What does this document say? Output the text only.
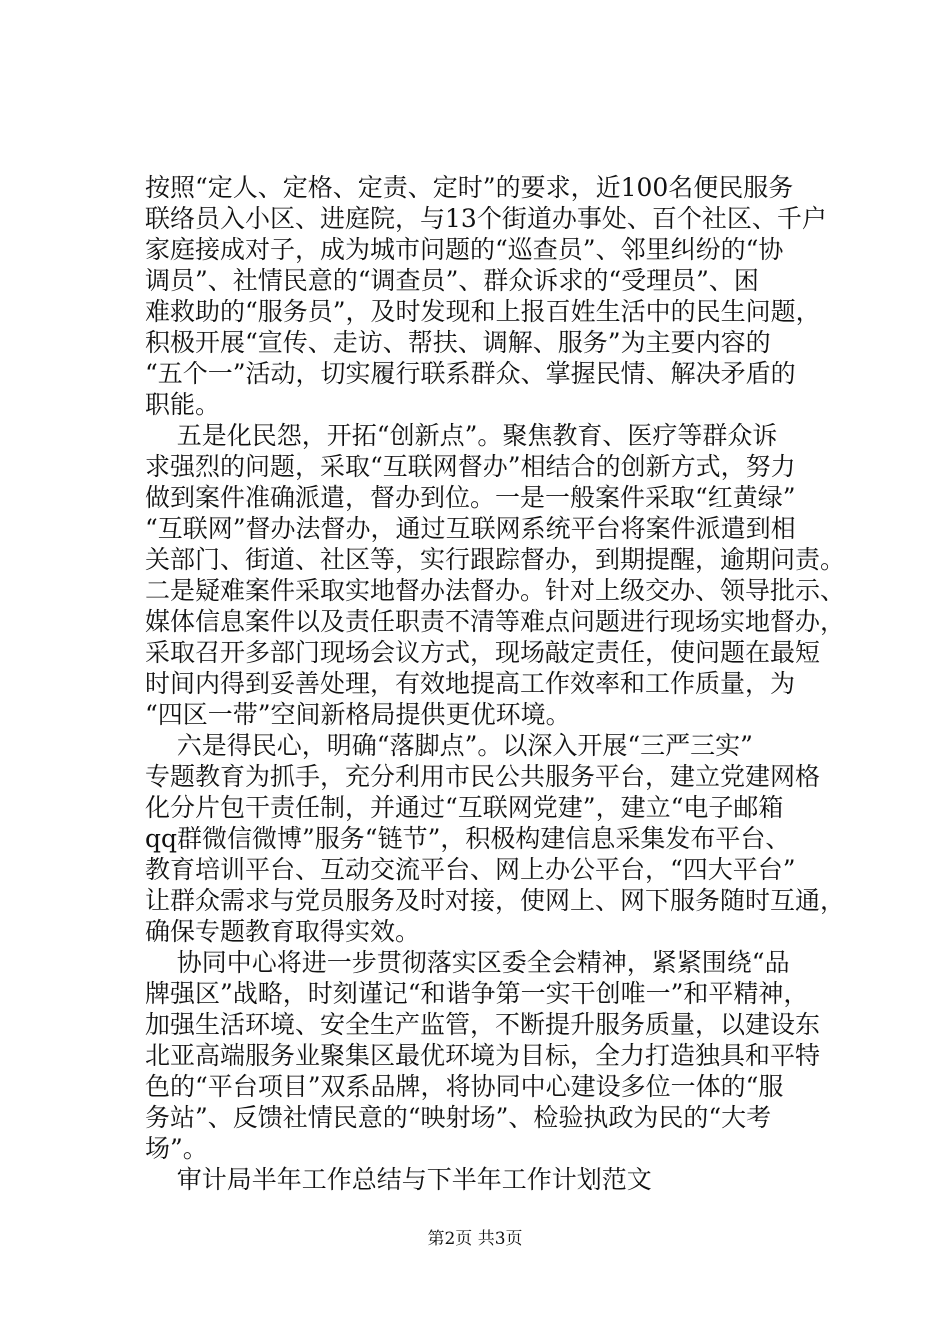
按照“定人、定格、定责、定时”的要求，近100名便民服务
联络员入小区、进庭院，与13个街道办事处、百个社区、千户
家庭接成对子，成为城市问题的“巡查员”、邻里纠纷的“协
调员”、社情民意的“调查员”、群众诉求的“受理员”、困
难救助的“服务员”，及时发现和上报百姓生活中的民生问题，
积极开展“宣传、走访、帮扶、调解、服务”为主要内容的
“五个一”活动，切实履行联系群众、掌握民情、解决矛盾的
职能。
五是化民怨，开拓“创新点”。聚焦教育、医疗等群众诉
求强烈的问题，采取“互联网督办”相结合的创新方式，努力
做到案件准确派遣，督办到位。一是一般案件采取“红黄绿”
“互联网”督办法督办，通过互联网系统平台将案件派遣到相
关部门、街道、社区等，实行跟踪督办，到期提醒，逾期问责。
二是疑难案件采取实地督办法督办。针对上级交办、领导批示、
媒体信息案件以及责任职责不清等难点问题进行现场实地督办，
采取召开多部门现场会议方式，现场敲定责任，使问题在最短
时间内得到妥善处理，有效地提高工作效率和工作质量，为
“四区一带”空间新格局提供更优环境。
六是得民心，明确“落脚点”。以深入开展“三严三实”
专题教育为抓手，充分利用市民公共服务平台，建立党建网格
化分片包干责任制，并通过“互联网党建”，建立“电子邮箱
qq群微信微博”服务“链节”，积极构建信息采集发布平台、
教育培训平台、互动交流平台、网上办公平台，“四大平台”
让群众需求与党员服务及时对接，使网上、网下服务随时互通，
确保专题教育取得实效。
协同中心将进一步贯彻落实区委全会精神，紧紧围绕“品
牌强区”战略，时刻谨记“和谐争第一实干创唯一”和平精神，
加强生活环境、安全生产监管，不断提升服务质量，以建设东
北亚高端服务业聚集区最优环境为目标，全力打造独具和平特
色的“平台项目”双系品牌，将协同中心建设多位一体的“服
务站”、反馈社情民意的“映射场”、检验执政为民的“大考
场”。
审计局半年工作总结与下半年工作计划范文
第2页 共3页
